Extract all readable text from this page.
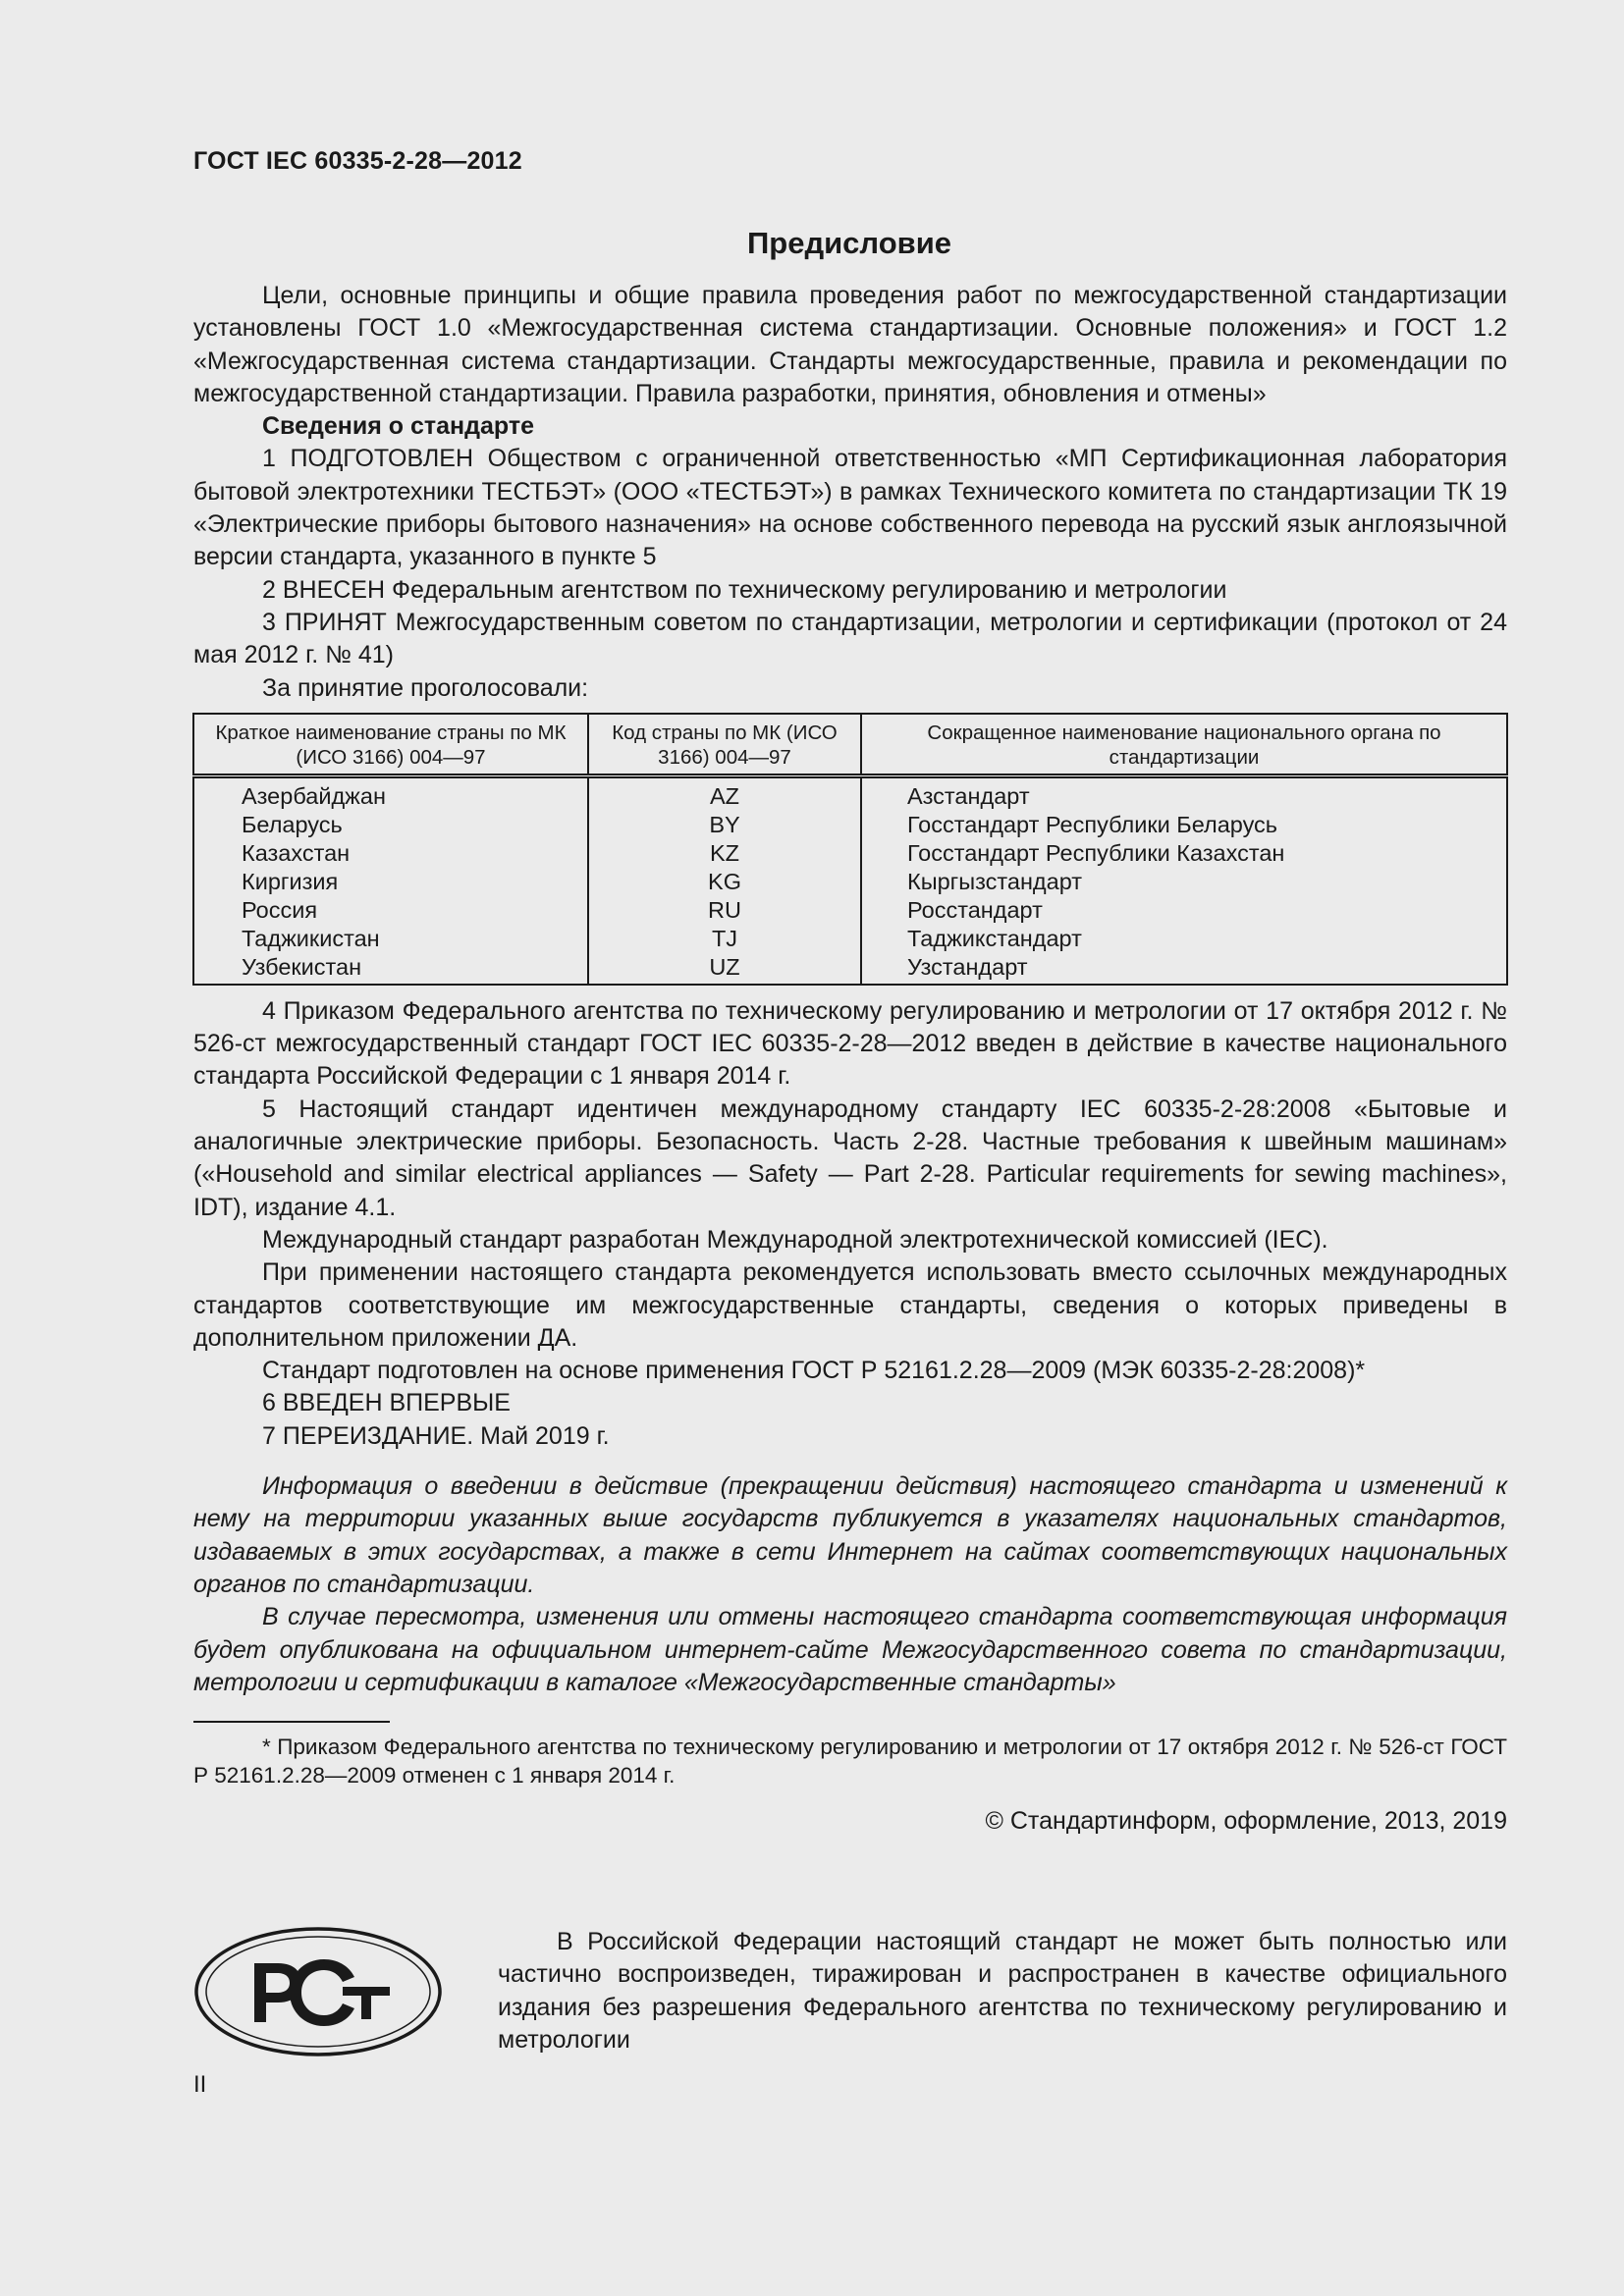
ГОСТ IEC 60335-2-28—2012
Предисловие

Цели, основные принципы и общие правила проведения работ по межгосударственной стандартизации установлены ГОСТ 1.0 «Межгосударственная система стандартизации. Основные положения» и ГОСТ 1.2 «Межгосударственная система стандартизации. Стандарты межгосударственные, правила и рекомендации по межгосударственной стандартизации. Правила разработки, принятия, обновления и отмены»

Сведения о стандарте

1 ПОДГОТОВЛЕН Обществом с ограниченной ответственностью «МП Сертификационная лаборатория бытовой электротехники ТЕСТБЭТ» (ООО «ТЕСТБЭТ») в рамках Технического комитета по стандартизации ТК 19 «Электрические приборы бытового назначения» на основе собственного перевода на русский язык англоязычной версии стандарта, указанного в пункте 5

2 ВНЕСЕН Федеральным агентством по техническому регулированию и метрологии

3 ПРИНЯТ Межгосударственным советом по стандартизации, метрологии и сертификации (протокол от 24 мая 2012 г. № 41)

За принятие проголосовали:

Краткое наименование страны по МК (ИСО 3166) 004—97	Код страны по МК (ИСО 3166) 004—97	Сокращенное наименование национального органа по стандартизации
Азербайджан	AZ	Азстандарт
Беларусь	BY	Госстандарт Республики Беларусь
Казахстан	KZ	Госстандарт Республики Казахстан
Киргизия	KG	Кыргызстандарт
Россия	RU	Росстандарт
Таджикистан	TJ	Таджикстандарт
Узбекистан	UZ	Узстандарт

4 Приказом Федерального агентства по техническому регулированию и метрологии от 17 октября 2012 г. № 526-ст межгосударственный стандарт ГОСТ IEC 60335-2-28—2012 введен в действие в качестве национального стандарта Российской Федерации с 1 января 2014 г.

5 Настоящий стандарт идентичен международному стандарту IEC 60335-2-28:2008 «Бытовые и аналогичные электрические приборы. Безопасность. Часть 2-28. Частные требования к швейным машинам» («Household and similar electrical appliances — Safety — Part 2-28. Particular requirements for sewing machines», IDT), издание 4.1.

Международный стандарт разработан Международной электротехнической комиссией (IEC).

При применении настоящего стандарта рекомендуется использовать вместо ссылочных международных стандартов соответствующие им межгосударственные стандарты, сведения о которых приведены в дополнительном приложении ДА.

Стандарт подготовлен на основе применения ГОСТ Р 52161.2.28—2009 (МЭК 60335-2-28:2008)*

6 ВВЕДЕН ВПЕРВЫЕ

7 ПЕРЕИЗДАНИЕ. Май 2019 г.

Информация о введении в действие (прекращении действия) настоящего стандарта и изменений к нему на территории указанных выше государств публикуется в указателях национальных стандартов, издаваемых в этих государствах, а также в сети Интернет на сайтах соответствующих национальных органов по стандартизации.

В случае пересмотра, изменения или отмены настоящего стандарта соответствующая информация будет опубликована на официальном интернет-сайте Межгосударственного совета по стандартизации, метрологии и сертификации в каталоге «Межгосударственные стандарты»

* Приказом Федерального агентства по техническому регулированию и метрологии от 17 октября 2012 г. № 526-ст ГОСТ Р 52161.2.28—2009 отменен с 1 января 2014 г.

© Стандартинформ, оформление, 2013, 2019

В Российской Федерации настоящий стандарт не может быть полностью или частично воспроизведен, тиражирован и распространен в качестве официального издания без разрешения Федерального агентства по техническому регулированию и метрологии

II
